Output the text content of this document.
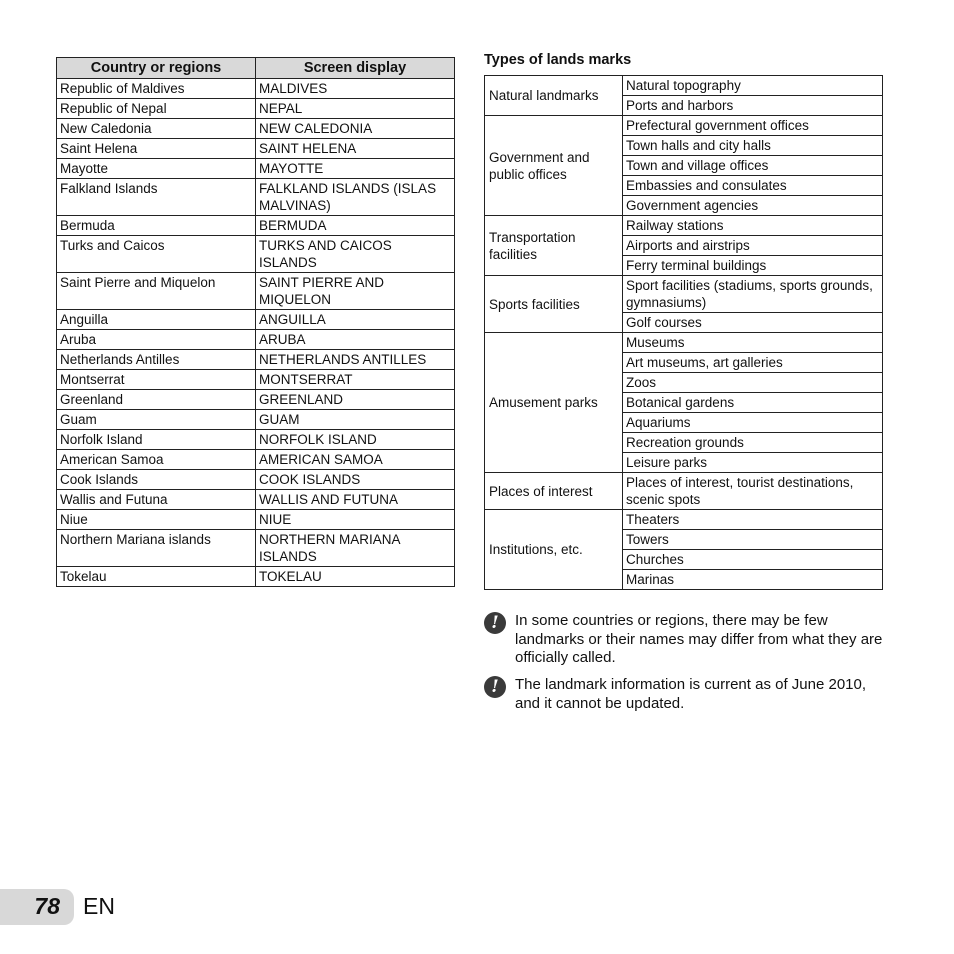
Country or regions	Screen display
Republic of Maldives	MALDIVES
Republic of Nepal	NEPAL
New Caledonia	NEW CALEDONIA
Saint Helena	SAINT HELENA
Mayotte	MAYOTTE
Falkland Islands	FALKLAND ISLANDS (ISLAS MALVINAS)
Bermuda	BERMUDA
Turks and Caicos	TURKS AND CAICOS ISLANDS
Saint Pierre and Miquelon	SAINT PIERRE AND MIQUELON
Anguilla	ANGUILLA
Aruba	ARUBA
Netherlands Antilles	NETHERLANDS ANTILLES
Montserrat	MONTSERRAT
Greenland	GREENLAND
Guam	GUAM
Norfolk Island	NORFOLK ISLAND
American Samoa	AMERICAN SAMOA
Cook Islands	COOK ISLANDS
Wallis and Futuna	WALLIS AND FUTUNA
Niue	NIUE
Northern Mariana islands	NORTHERN MARIANA ISLANDS
Tokelau	TOKELAU
Types of lands marks
Natural landmarks	Natural topography
	Ports and harbors
Government and public offices	Prefectural government offices
	Town halls and city halls
	Town and village offices
	Embassies and consulates
	Government agencies
Transportation facilities	Railway stations
	Airports and airstrips
	Ferry terminal buildings
Sports facilities	Sport facilities (stadiums, sports grounds, gymnasiums)
	Golf courses
Amusement parks	Museums
	Art museums, art galleries
	Zoos
	Botanical gardens
	Aquariums
	Recreation grounds
	Leisure parks
Places of interest	Places of interest, tourist destinations, scenic spots
Institutions, etc.	Theaters
	Towers
	Churches
	Marinas
!	In some countries or regions, there may be few landmarks or their names may differ from what they are officially called.
!	The landmark information is current as of June 2010, and it cannot be updated.
78 EN
